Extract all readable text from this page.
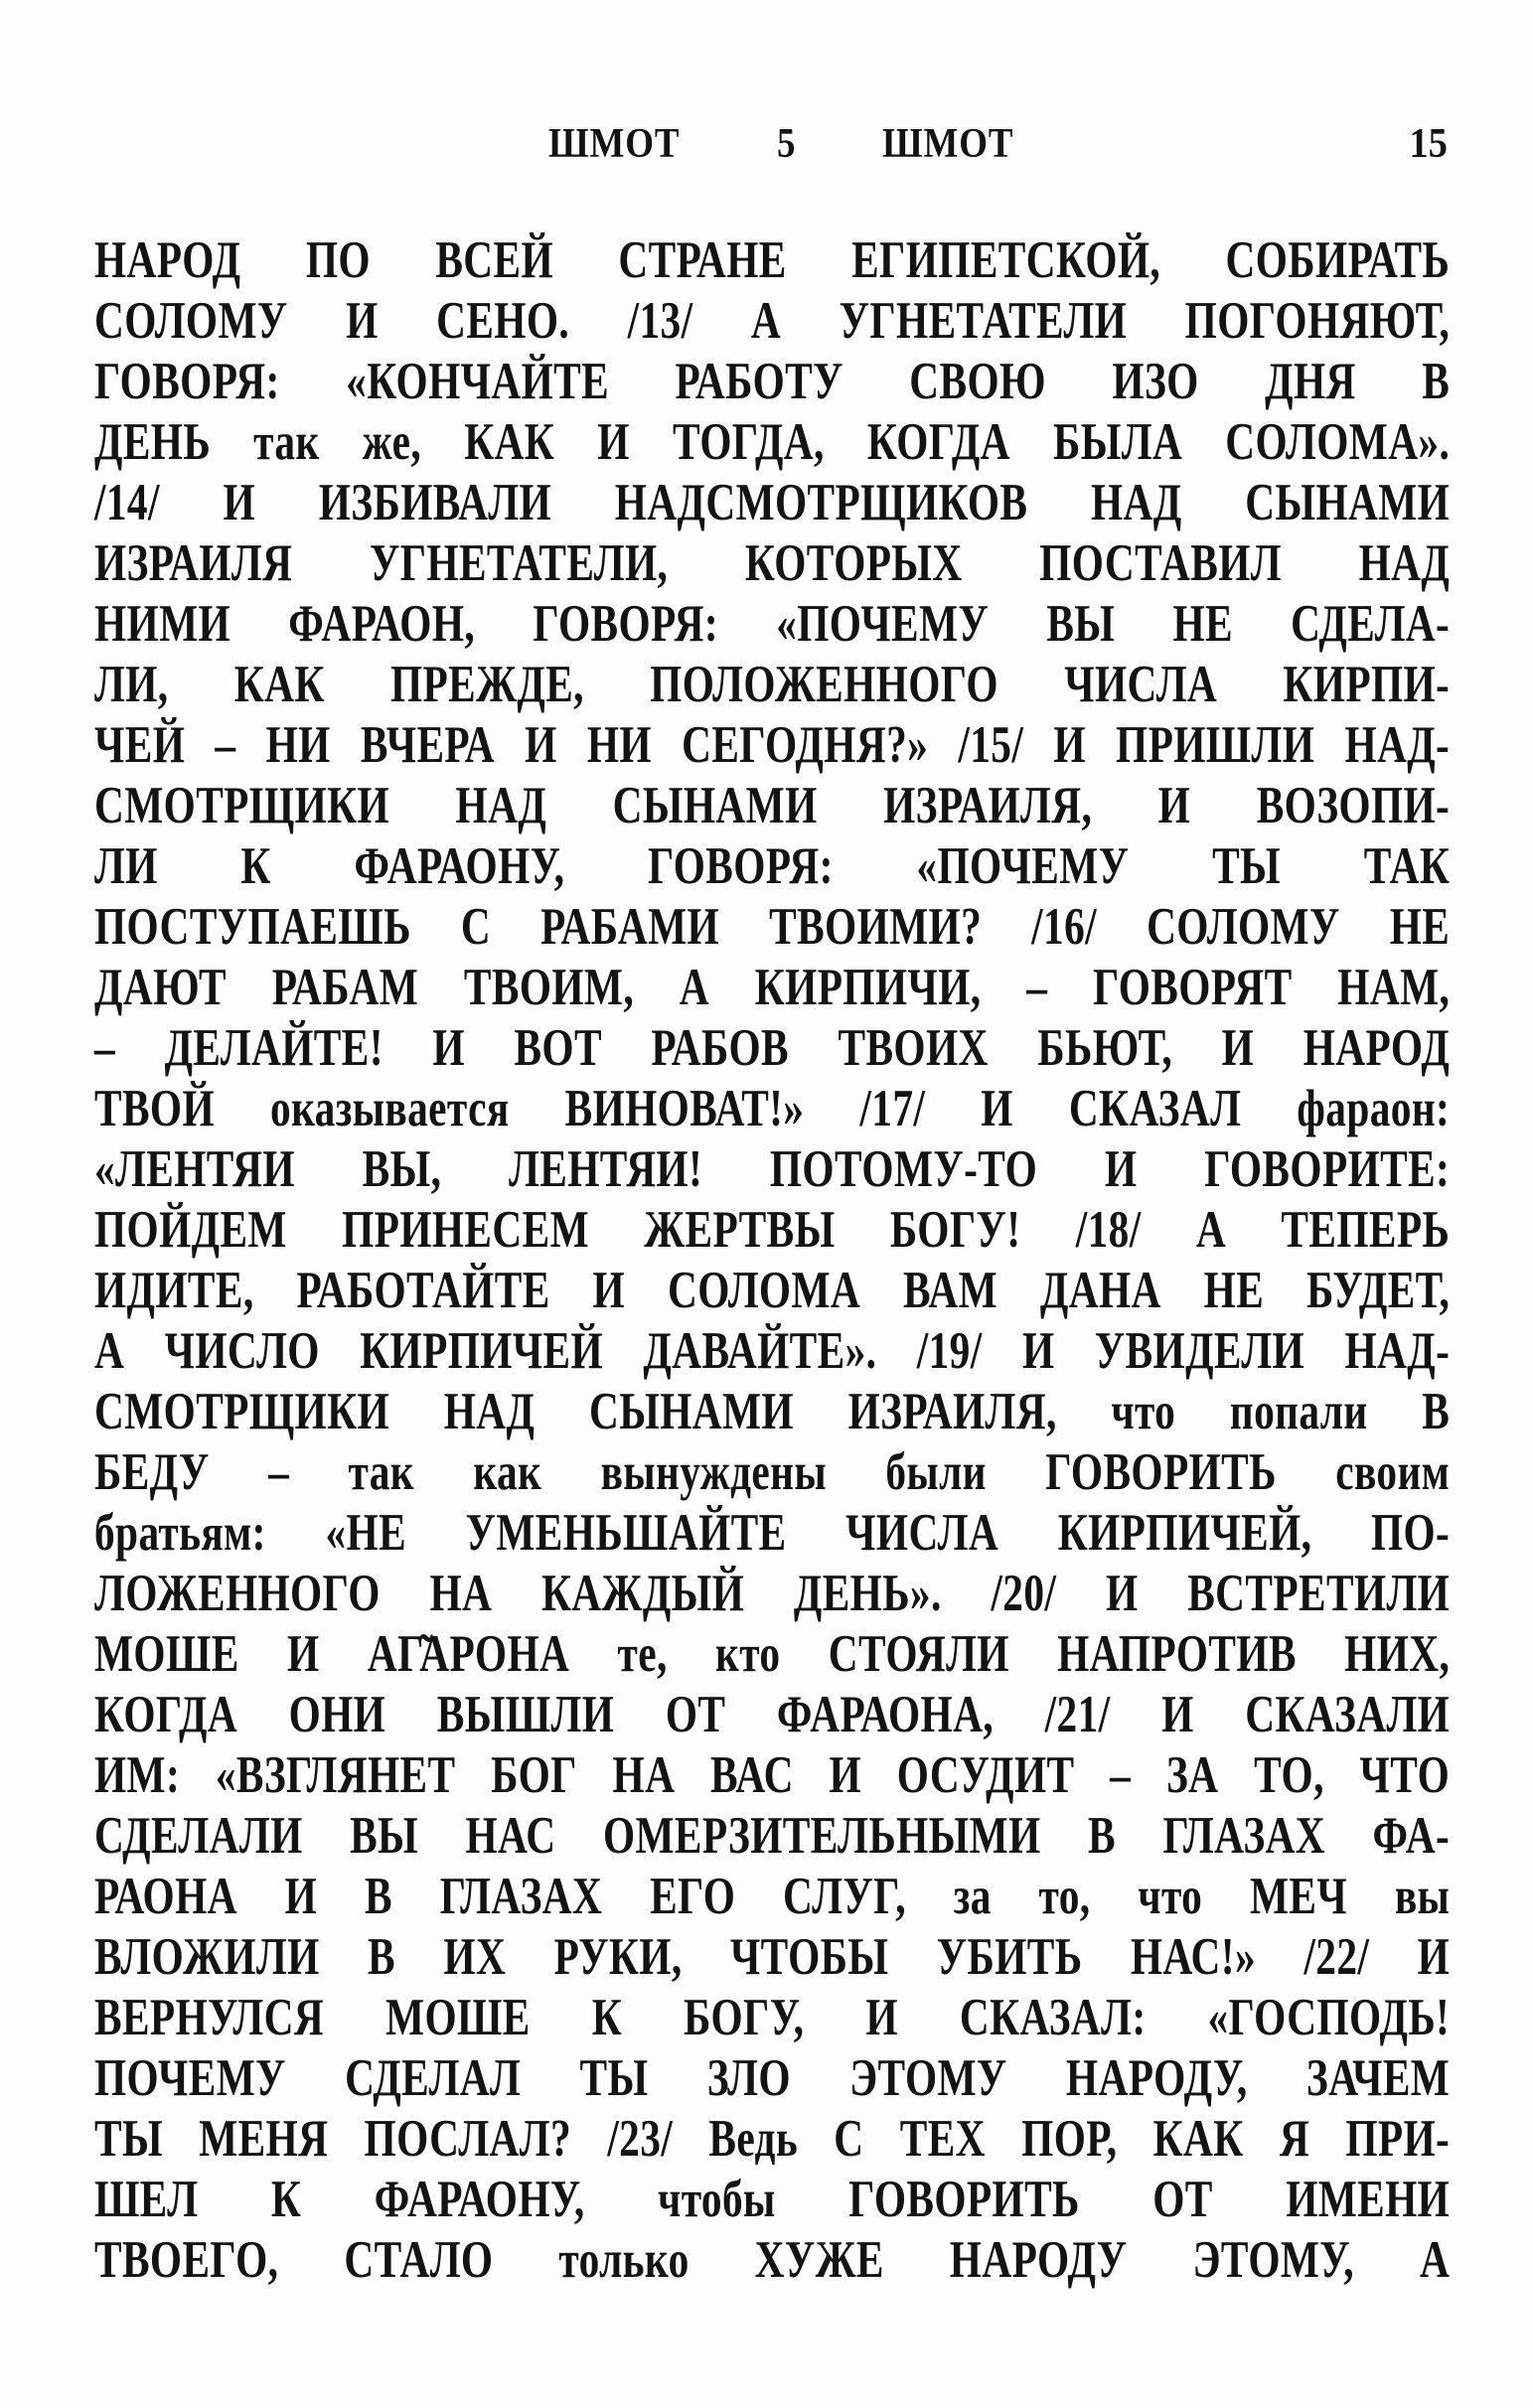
ШМОТ 5 ШМОТ	15
НАРОД ПО ВСЕЙ СТРАНЕ ЕГИПЕТСКОЙ, СОБИРАТЬ
СОЛОМУ И СЕНО. /13/ А УГНЕТАТЕЛИ ПОГОНЯЮТ,
ГОВОРЯ: «КОНЧАЙТЕ РАБОТУ СВОЮ ИЗО ДНЯ В
ДЕНЬ так же, КАК И ТОГДА, КОГДА БЫЛА СОЛОМА».
/14/ И ИЗБИВАЛИ НАДСМОТРЩИКОВ НАД СЫНАМИ
ИЗРАИЛЯ УГНЕТАТЕЛИ, КОТОРЫХ ПОСТАВИЛ НАД
НИМИ ФАРАОН, ГОВОРЯ: «ПОЧЕМУ ВЫ НЕ СДЕЛА-
ЛИ, КАК ПРЕЖДЕ, ПОЛОЖЕННОГО ЧИСЛА КИРПИ-
ЧЕЙ – НИ ВЧЕРА И НИ СЕГОДНЯ?» /15/ И ПРИШЛИ НАД-
СМОТРЩИКИ НАД СЫНАМИ ИЗРАИЛЯ, И ВОЗОПИ-
ЛИ К ФАРАОНУ, ГОВОРЯ: «ПОЧЕМУ ТЫ ТАК
ПОСТУПАЕШЬ С РАБАМИ ТВОИМИ? /16/ СОЛОМУ НЕ
ДАЮТ РАБАМ ТВОИМ, А КИРПИЧИ, – ГОВОРЯТ НАМ,
– ДЕЛАЙТЕ! И ВОТ РАБОВ ТВОИХ БЬЮТ, И НАРОД
ТВОЙ оказывается ВИНОВАТ!» /17/ И СКАЗАЛ фараон:
«ЛЕНТЯИ ВЫ, ЛЕНТЯИ! ПОТОМУ-ТО И ГОВОРИТЕ:
ПОЙДЕМ ПРИНЕСЕМ ЖЕРТВЫ БОГУ! /18/ А ТЕПЕРЬ
ИДИТЕ, РАБОТАЙТЕ И СОЛОМА ВАМ ДАНА НЕ БУДЕТ,
А ЧИСЛО КИРПИЧЕЙ ДАВАЙТЕ». /19/ И УВИДЕЛИ НАД-
СМОТРЩИКИ НАД СЫНАМИ ИЗРАИЛЯ, что попали В
БЕДУ – так как вынуждены были ГОВОРИТЬ своим
братьям: «НЕ УМЕНЬШАЙТЕ ЧИСЛА КИРПИЧЕЙ, ПО-
ЛОЖЕННОГО НА КАЖДЫЙ ДЕНЬ». /20/ И ВСТРЕТИЛИ
МОШЕ И АГ̃АРОНА те, кто СТОЯЛИ НАПРОТИВ НИХ,
КОГДА ОНИ ВЫШЛИ ОТ ФАРАОНА, /21/ И СКАЗАЛИ
ИМ: «ВЗГЛЯНЕТ БОГ НА ВАС И ОСУДИТ – ЗА ТО, ЧТО
СДЕЛАЛИ ВЫ НАС ОМЕРЗИТЕЛЬНЫМИ В ГЛАЗАХ ФА-
РАОНА И В ГЛАЗАХ ЕГО СЛУГ, за то, что МЕЧ вы
ВЛОЖИЛИ В ИХ РУКИ, ЧТОБЫ УБИТЬ НАС!» /22/ И
ВЕРНУЛСЯ МОШЕ К БОГУ, И СКАЗАЛ: «ГОСПОДЬ!
ПОЧЕМУ СДЕЛАЛ ТЫ ЗЛО ЭТОМУ НАРОДУ, ЗАЧЕМ
ТЫ МЕНЯ ПОСЛАЛ? /23/ Ведь С ТЕХ ПОР, КАК Я ПРИ-
ШЕЛ К ФАРАОНУ, чтобы ГОВОРИТЬ ОТ ИМЕНИ
ТВОЕГО, СТАЛО только ХУЖЕ НАРОДУ ЭТОМУ, А
